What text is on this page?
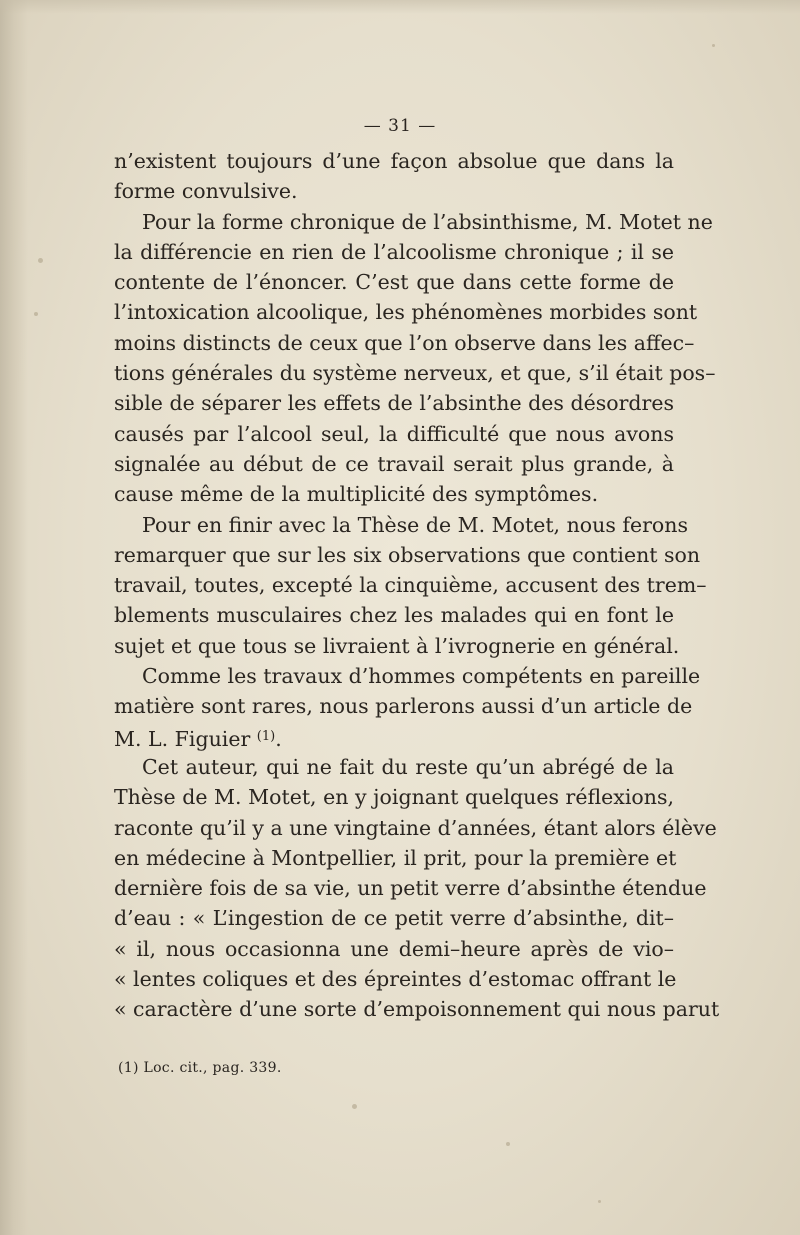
— 31 —
n’existent toujours d’une façon absolue que dans la
forme convulsive.
Pour la forme chronique de l’absinthisme, M. Motet ne
la différencie en rien de l’alcoolisme chronique ; il se
contente de l’énoncer. C’est que dans cette forme de
l’intoxication alcoolique, les phénomènes morbides sont
moins distincts de ceux que l’on observe dans les affec–
tions générales du système nerveux, et que, s’il était pos–
sible de séparer les effets de l’absinthe des désordres
causés par l’alcool seul, la difficulté que nous avons
signalée au début de ce travail serait plus grande, à
cause même de la multiplicité des symptômes.
Pour en finir avec la Thèse de M. Motet, nous ferons
remarquer que sur les six observations que contient son
travail, toutes, excepté la cinquième, accusent des trem–
blements musculaires chez les malades qui en font le
sujet et que tous se livraient à l’ivrognerie en général.
Comme les travaux d’hommes compétents en pareille
matière sont rares, nous parlerons aussi d’un article de
M. L. Figuier $^{(1)}$.
Cet auteur, qui ne fait du reste qu’un abrégé de la
Thèse de M. Motet, en y joignant quelques réflexions,
raconte qu’il y a une vingtaine d’années, étant alors élève
en médecine à Montpellier, il prit, pour la première et
dernière fois de sa vie, un petit verre d’absinthe étendue
d’eau : « L’ingestion de ce petit verre d’absinthe, dit–
« il, nous occasionna une demi–heure après de vio–
« lentes coliques et des épreintes d’estomac offrant le
« caractère d’une sorte d’empoisonnement qui nous parut
(1) Loc. cit., pag. 339.
